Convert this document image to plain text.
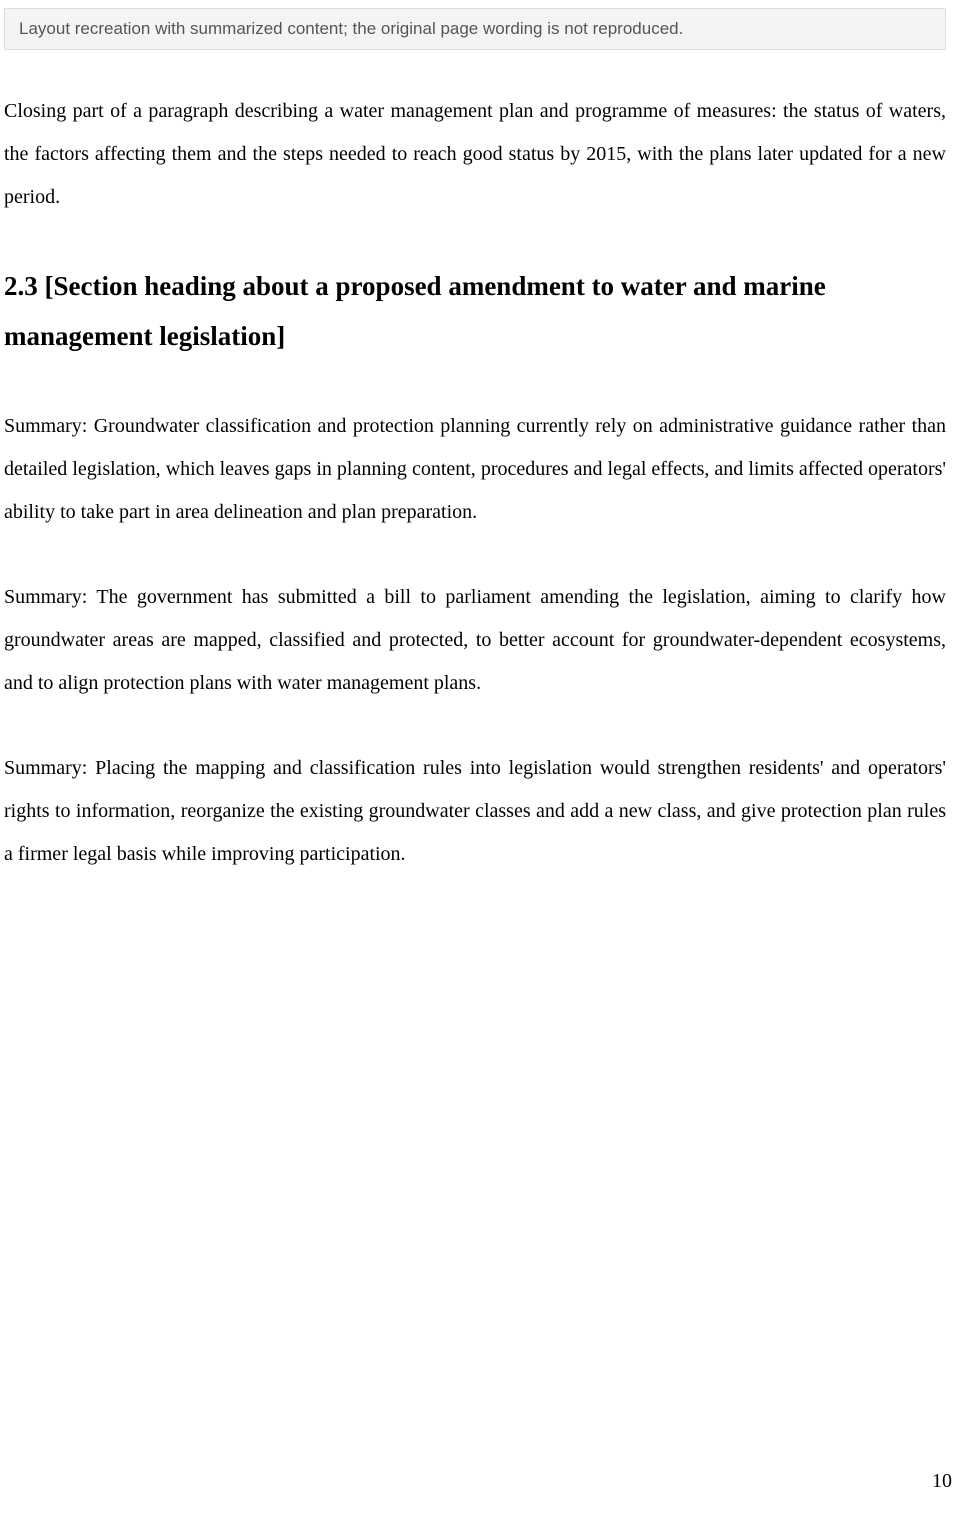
Layout recreation with summarized content; the original page wording is not reproduced.

Closing part of a paragraph describing a water management plan and programme of measures: the status of waters, the factors affecting them and the steps needed to reach good status by 2015, with the plans later updated for a new period.

2.3 [Section heading about a proposed amendment to water and marine management legislation]

Summary: Groundwater classification and protection planning currently rely on administrative guidance rather than detailed legislation, which leaves gaps in planning content, procedures and legal effects, and limits affected operators' ability to take part in area delineation and plan preparation.

Summary: The government has submitted a bill to parliament amending the legislation, aiming to clarify how groundwater areas are mapped, classified and protected, to better account for groundwater-dependent ecosystems, and to align protection plans with water management plans.

Summary: Placing the mapping and classification rules into legislation would strengthen residents' and operators' rights to information, reorganize the existing groundwater classes and add a new class, and give protection plan rules a firmer legal basis while improving participation.

10
